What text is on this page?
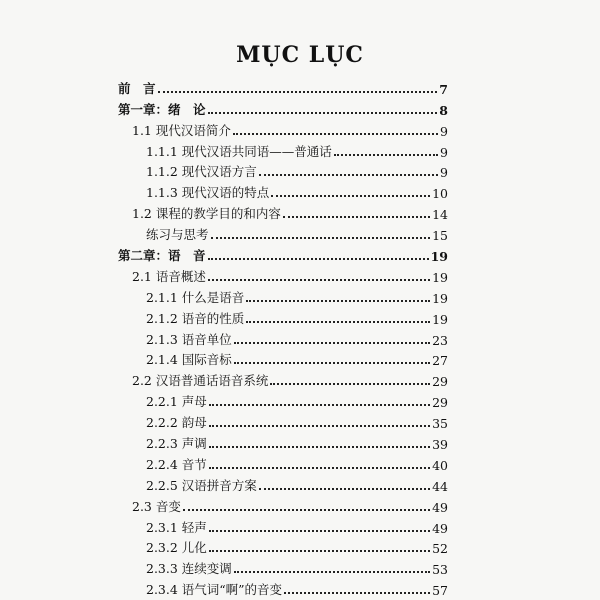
MỤC LỤC
前　言	7
第一章：绪　论	8
1.1 现代汉语简介	9
1.1.1 现代汉语共同语——普通话	9
1.1.2 现代汉语方言	9
1.1.3 现代汉语的特点	10
1.2 课程的教学目的和内容	14
练习与思考	15
第二章：语　音	19
2.1 语音概述	19
2.1.1 什么是语音	19
2.1.2 语音的性质	19
2.1.3 语音单位	23
2.1.4 国际音标	27
2.2 汉语普通话语音系统	29
2.2.1 声母	29
2.2.2 韵母	35
2.2.3 声调	39
2.2.4 音节	40
2.2.5 汉语拼音方案	44
2.3 音变	49
2.3.1 轻声	49
2.3.2 儿化	52
2.3.3 连续变调	53
2.3.4 语气词“啊”的音变	57
